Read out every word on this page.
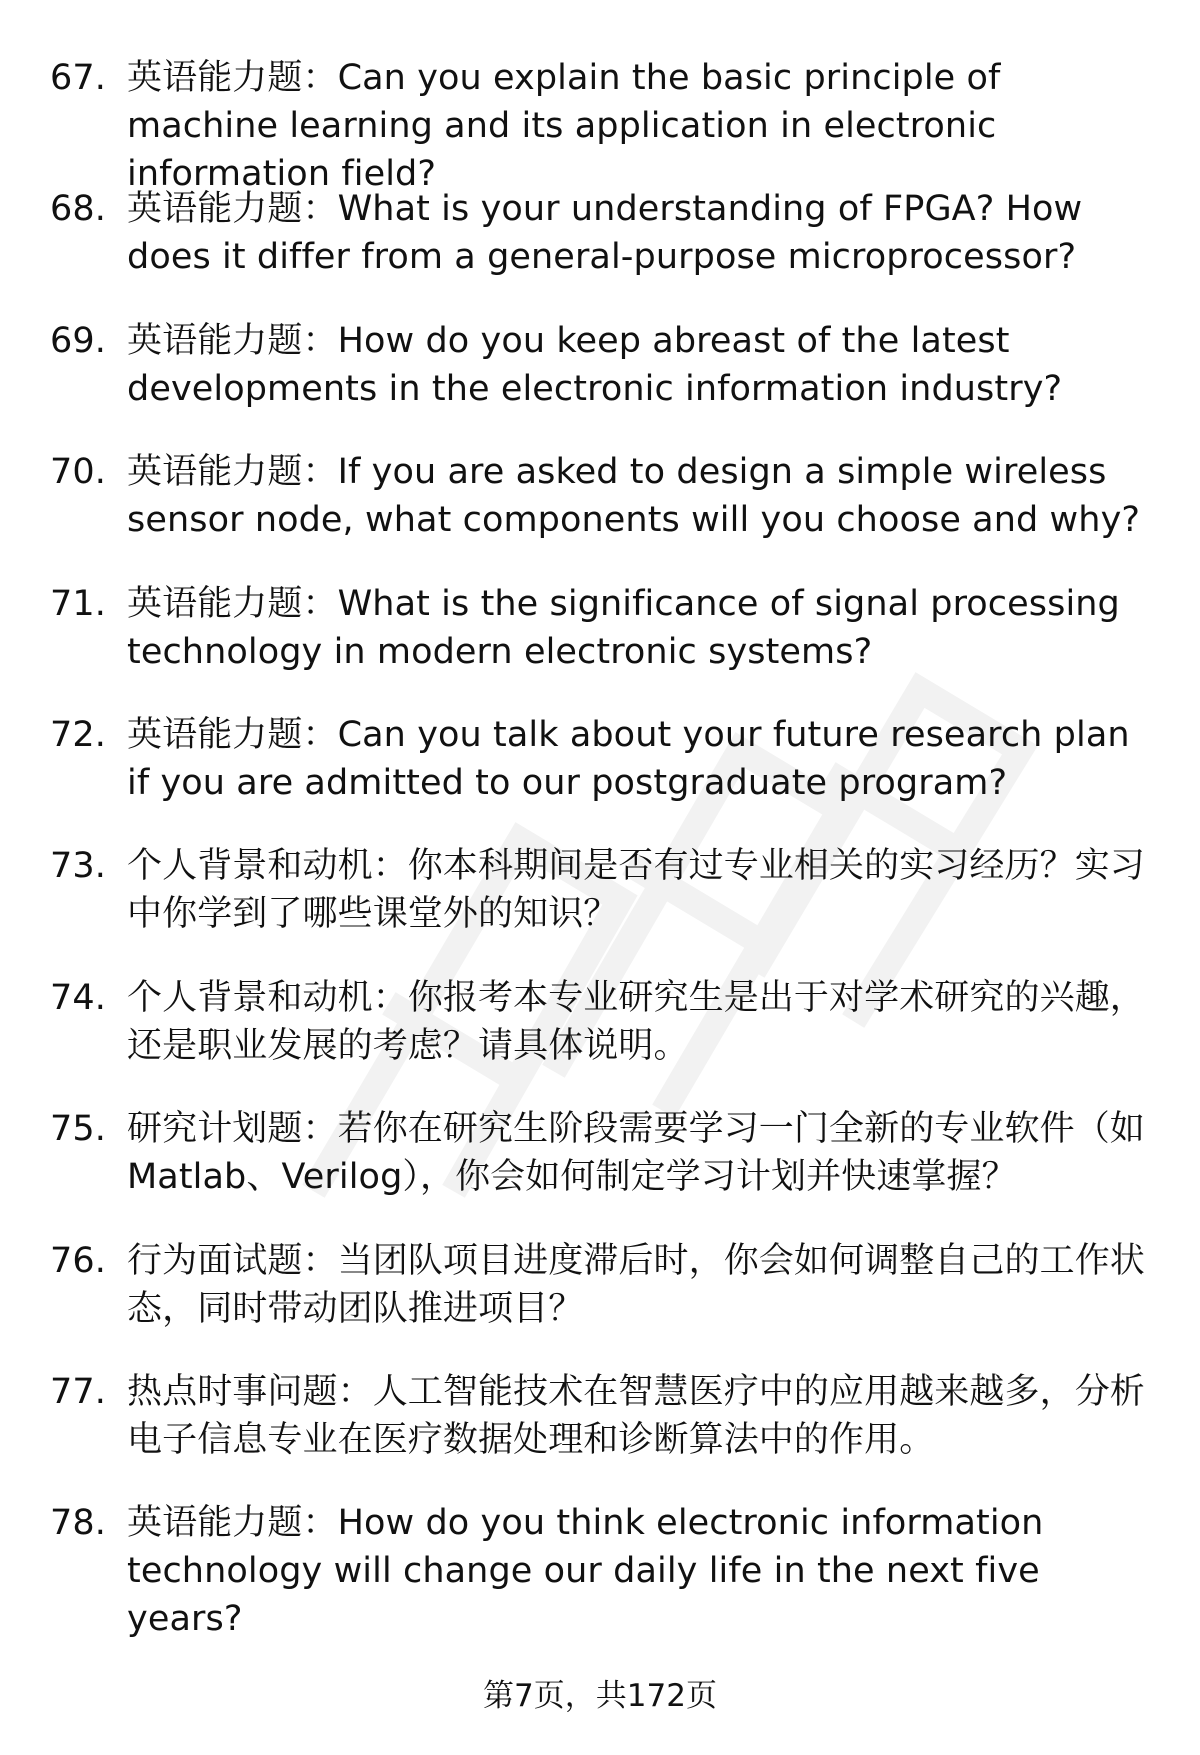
67. 英语能力题：Can you explain the basic principle of machine learning and its application in electronic information field?
68. 英语能力题：What is your understanding of FPGA? How does it differ from a general-purpose microprocessor?
69. 英语能力题：How do you keep abreast of the latest developments in the electronic information industry?
70. 英语能力题：If you are asked to design a simple wireless sensor node, what components will you choose and why?
71. 英语能力题：What is the significance of signal processing technology in modern electronic systems?
72. 英语能力题：Can you talk about your future research plan if you are admitted to our postgraduate program?
73. 个人背景和动机：你本科期间是否有过专业相关的实习经历？实习中你学到了哪些课堂外的知识？
74. 个人背景和动机：你报考本专业研究生是出于对学术研究的兴趣，还是职业发展的考虑？请具体说明。
75. 研究计划题：若你在研究生阶段需要学习一门全新的专业软件（如Matlab、Verilog），你会如何制定学习计划并快速掌握？
76. 行为面试题：当团队项目进度滞后时，你会如何调整自己的工作状态，同时带动团队推进项目？
77. 热点时事问题：人工智能技术在智慧医疗中的应用越来越多，分析电子信息专业在医疗数据处理和诊断算法中的作用。
78. 英语能力题：How do you think electronic information technology will change our daily life in the next five years?
第7页，共172页
